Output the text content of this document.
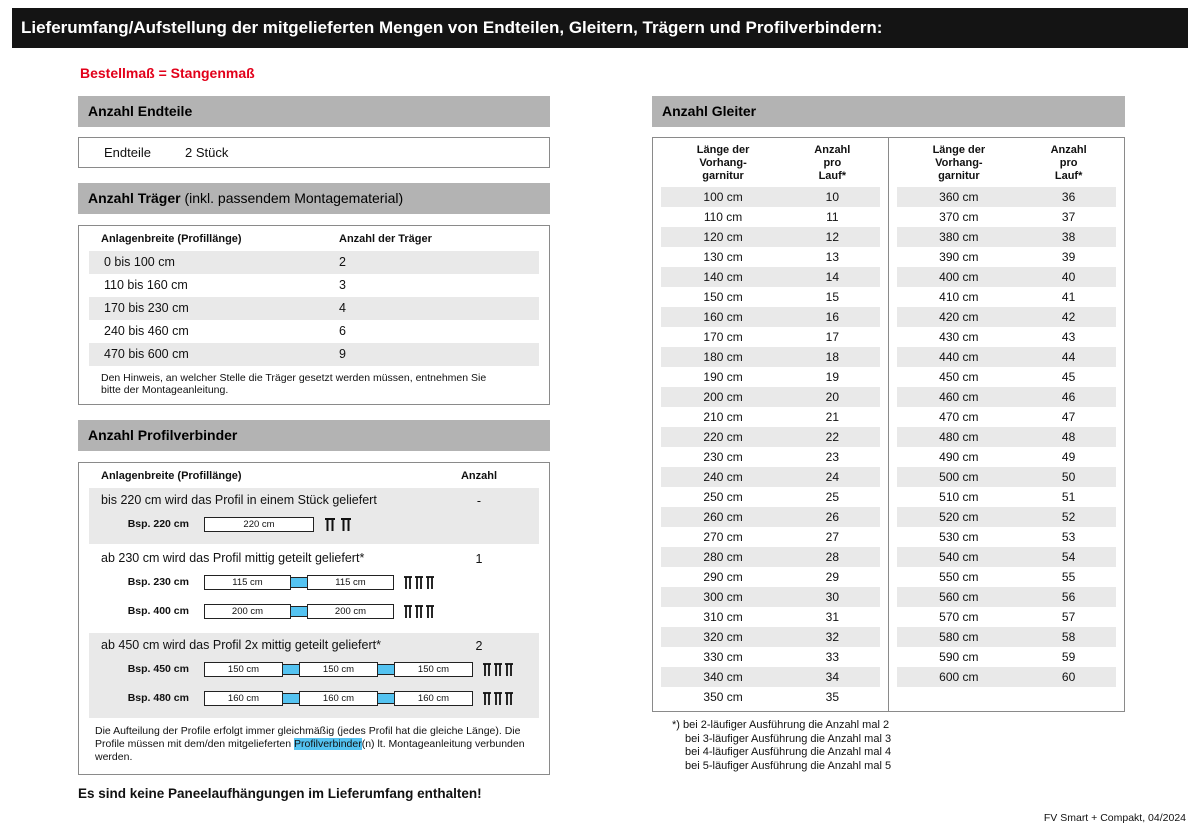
Lieferumfang/Aufstellung der mitgelieferten Mengen von Endteilen, Gleitern, Trägern und Profilverbindern:
Bestellmaß = Stangenmaß
Anzahl Endteile
Endteile	2 Stück
Anzahl Träger (inkl. passendem Montagematerial)
Anlagenbreite (Profillänge)	Anzahl der Träger
0 bis 100 cm	2
110 bis 160 cm	3
170 bis 230 cm	4
240 bis 460 cm	6
470 bis 600 cm	9
Den Hinweis, an welcher Stelle die Träger gesetzt werden müssen, entnehmen Sie bitte der Montageanleitung.
Anzahl Profilverbinder
Anlagenbreite (Profillänge)	Anzahl
bis 220 cm wird das Profil in einem Stück geliefert	-
Bsp. 220 cm	220 cm
ab 230 cm wird das Profil mittig geteilt geliefert*	1
Bsp. 230 cm	115 cm	115 cm
Bsp. 400 cm	200 cm	200 cm
ab 450 cm wird das Profil 2x mittig geteilt geliefert*	2
Bsp. 450 cm	150 cm	150 cm	150 cm
Bsp. 480 cm	160 cm	160 cm	160 cm
Die Aufteilung der Profile erfolgt immer gleichmäßig (jedes Profil hat die gleiche Länge). Die Profile müssen mit dem/den mitgelieferten Profilverbinder(n) lt. Montageanleitung verbunden werden.
Es sind keine Paneelaufhängungen im Lieferumfang enthalten!
Anzahl Gleiter
Länge der
Vorhang-
garnitur
Anzahl
pro
Lauf*
100 cm	10
110 cm	11
120 cm	12
130 cm	13
140 cm	14
150 cm	15
160 cm	16
170 cm	17
180 cm	18
190 cm	19
200 cm	20
210 cm	21
220 cm	22
230 cm	23
240 cm	24
250 cm	25
260 cm	26
270 cm	27
280 cm	28
290 cm	29
300 cm	30
310 cm	31
320 cm	32
330 cm	33
340 cm	34
350 cm	35
Länge der
Vorhang-
garnitur
Anzahl
pro
Lauf*
360 cm	36
370 cm	37
380 cm	38
390 cm	39
400 cm	40
410 cm	41
420 cm	42
430 cm	43
440 cm	44
450 cm	45
460 cm	46
470 cm	47
480 cm	48
490 cm	49
500 cm	50
510 cm	51
520 cm	52
530 cm	53
540 cm	54
550 cm	55
560 cm	56
570 cm	57
580 cm	58
590 cm	59
600 cm	60
*) bei 2-läufiger Ausführung die Anzahl mal 2
bei 3-läufiger Ausführung die Anzahl mal 3
bei 4-läufiger Ausführung die Anzahl mal 4
bei 5-läufiger Ausführung die Anzahl mal 5
FV Smart + Compakt, 04/2024
